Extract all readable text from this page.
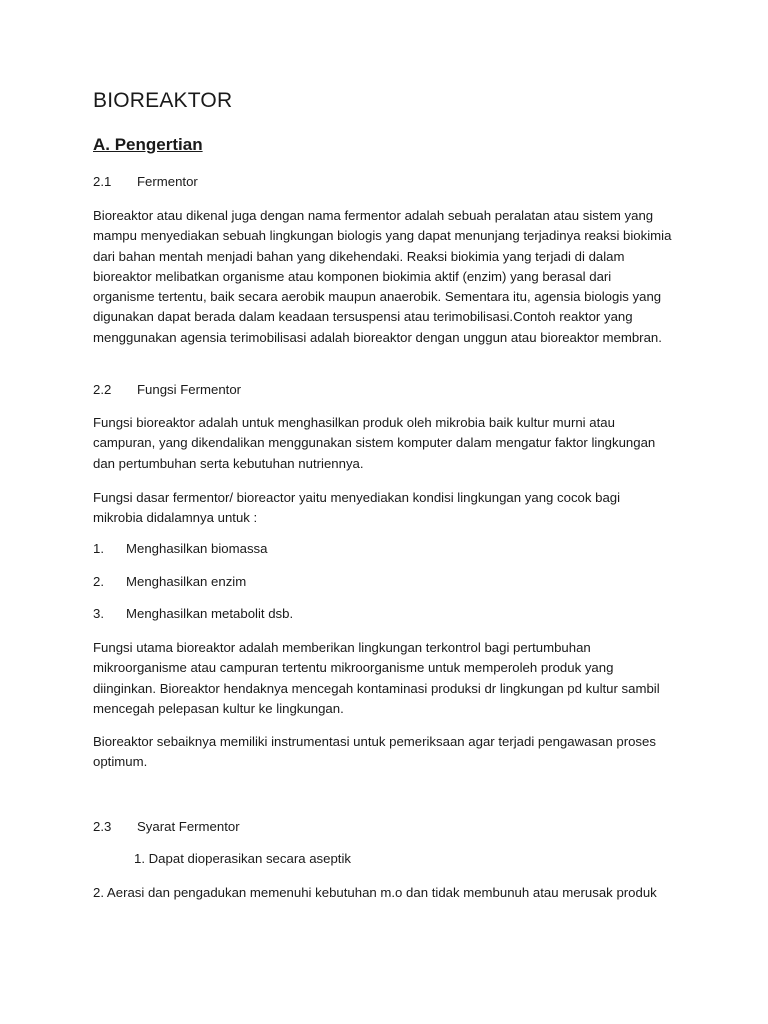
BIOREAKTOR
A. Pengertian
2.1 Fermentor

Bioreaktor atau dikenal juga dengan nama fermentor adalah sebuah peralatan atau sistem yang mampu menyediakan sebuah lingkungan biologis yang dapat menunjang terjadinya reaksi biokimia dari bahan mentah menjadi bahan yang dikehendaki. Reaksi biokimia yang terjadi di dalam bioreaktor melibatkan organisme atau komponen biokimia aktif (enzim) yang berasal dari organisme tertentu, baik secara aerobik maupun anaerobik. Sementara itu, agensia biologis yang digunakan dapat berada dalam keadaan tersuspensi atau terimobilisasi.Contoh reaktor yang menggunakan agensia terimobilisasi adalah bioreaktor dengan unggun atau bioreaktor membran.

2.2 Fungsi Fermentor

Fungsi bioreaktor adalah untuk menghasilkan produk oleh mikrobia baik kultur murni atau campuran, yang dikendalikan menggunakan sistem komputer dalam mengatur faktor lingkungan dan pertumbuhan serta kebutuhan nutriennya.

Fungsi dasar fermentor/ bioreactor yaitu menyediakan kondisi lingkungan yang cocok bagi mikrobia didalamnya untuk :

1. Menghasilkan biomassa
2. Menghasilkan enzim
3. Menghasilkan metabolit dsb.

Fungsi utama bioreaktor adalah memberikan lingkungan terkontrol bagi pertumbuhan mikroorganisme atau campuran tertentu mikroorganisme untuk memperoleh produk yang diinginkan. Bioreaktor hendaknya mencegah kontaminasi produksi dr lingkungan pd kultur sambil mencegah pelepasan kultur ke lingkungan.

Bioreaktor sebaiknya memiliki instrumentasi untuk pemeriksaan agar terjadi pengawasan proses optimum.

2.3 Syarat Fermentor
1. Dapat dioperasikan secara aseptik

2. Aerasi dan pengadukan memenuhi kebutuhan m.o dan tidak membunuh atau merusak produk
